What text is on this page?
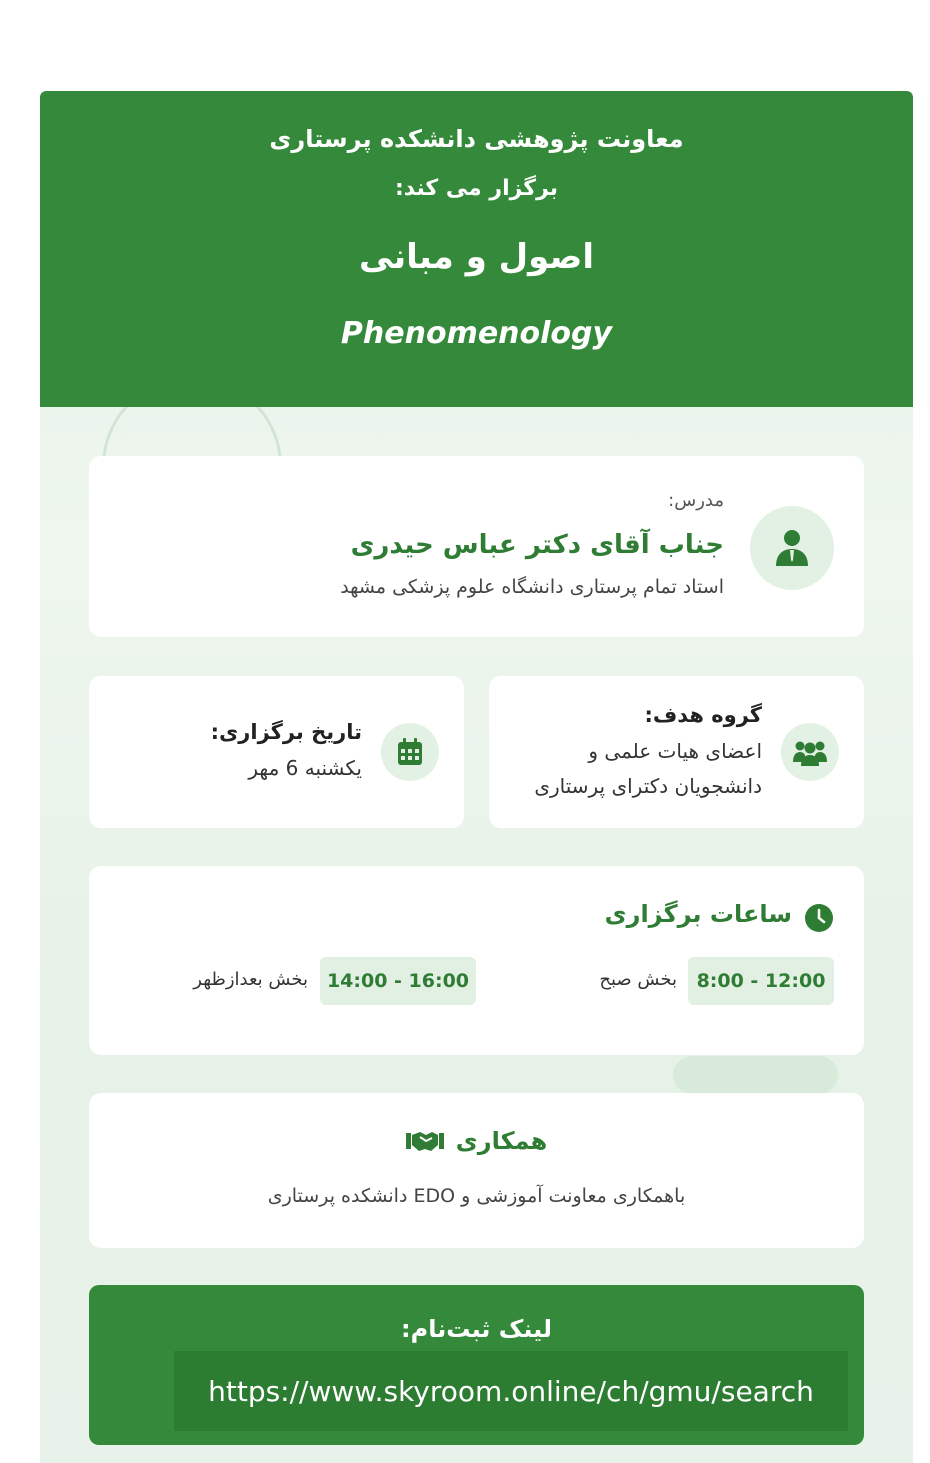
معاونت پژوهشی دانشکده پرستاری
برگزار می کند:
اصول و مبانی
Phenomenology
مدرس:
جناب آقای دکتر عباس حیدری
استاد تمام پرستاری دانشگاه علوم پزشکی مشهد
تاریخ برگزاری:
یکشنبه 6 مهر
گروه هدف:
اعضای هیات علمی و
دانشجویان دکترای پرستاری
ساعات برگزاری
8:00 - 12:00
بخش صبح
14:00 - 16:00
بخش بعدازظهر
همکاری
باهمکاری معاونت آموزشی و EDO دانشکده پرستاری
لینک ثبت‌نام:
https://www.skyroom.online/ch/gmu/search
